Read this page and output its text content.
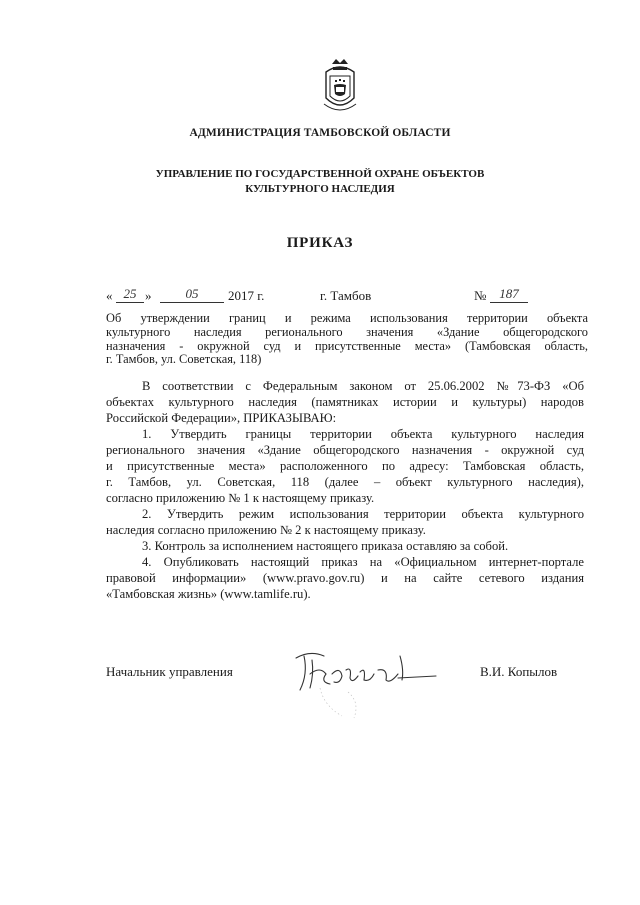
АДМИНИСТРАЦИЯ ТАМБОВСКОЙ ОБЛАСТИ
УПРАВЛЕНИЕ ПО ГОСУДАРСТВЕННОЙ ОХРАНЕ ОБЪЕКТОВ
КУЛЬТУРНОГО НАСЛЕДИЯ
ПРИКАЗ
« 25 »	05	2017 г.	г. Тамбов	№ 187

Об утверждении границ и режима использования территории объекта

культурного наследия регионального значения «Здание общегородского

назначения - окружной суд и присутственные места» (Тамбовская область,

г. Тамбов, ул. Советская, 118)

В соответствии с Федеральным законом от 25.06.2002 №73-ФЗ «Об
объектах культурного наследия (памятниках истории и культуры) народов
Российской Федерации», ПРИКАЗЫВАЮ:
1. Утвердить границы территории объекта культурного наследия
регионального значения «Здание общегородского назначения - окружной суд
и присутственные места» расположенного по адресу: Тамбовская область,
г. Тамбов, ул. Советская, 118 (далее – объект культурного наследия),
согласно приложению № 1 к настоящему приказу.
2. Утвердить режим использования территории объекта культурного
наследия согласно приложению № 2 к настоящему приказу.
3. Контроль за исполнением настоящего приказа оставляю за собой.
4. Опубликовать настоящий приказ на «Официальном интернет-портале
правовой информации» (www.pravo.gov.ru) и на сайте сетевого издания
«Тамбовская жизнь» (www.tamlife.ru).
Начальник управления	В.И. Копылов
